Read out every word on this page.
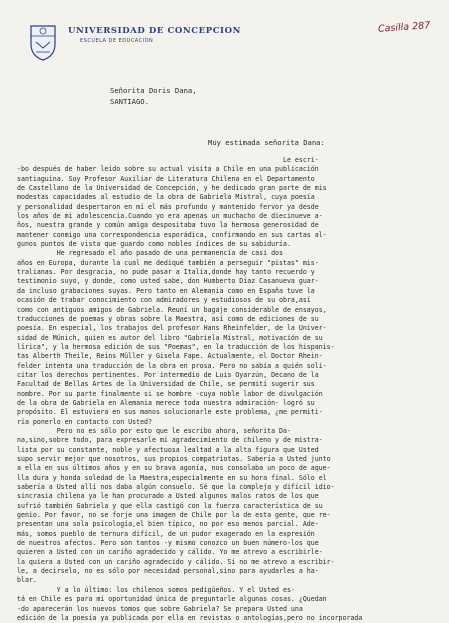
UNIVERSIDAD DE CONCEPCION
ESCUELA DE EDUCACION
Casilla 287
Señorita Doris Dana,
SANTIAGO.
Muy estimada señorita Dana:
Le escri-
-bo después de haber leído sobre su actual visita a Chile en una publicación
santiaguina. Soy Profesor Auxiliar de Literatura Chilena en el Departamento
de Castellano de la Universidad de Concepción, y he dedicado gran parte de mis
modestas capacidades al estudio de la obra de Gabriela Mistral, cuya poesía
y personalidad despertaron en mí el más profundo y mantenido fervor ya desde
los años de mi adolescencia.Cuando yo era apenas un muchacho de diecinueve a-
ños, nuestra grande y común amiga despositaba tuvo la hermosa generosidad de
mantener conmigo una correspondencia esporádica, confirmando en sus cartas al-
gunos puntos de vista que guardo como nobles índices de su sabiduría.
He regresado el año pasado de una permanencia de casi dos
años en Europa, durante la cual me dediqué también a perseguir "pistas" mis-
tralianas. Por desgracia, no pude pasar a Italia,donde hay tanto recuerdo y
testimonio suyo, y donde, como usted sabe, don Humberto Díaz Casanueva guar-
da incluso grabaciones suyas. Pero tanto en Alemania como en España tuve la
ocasión de trabar conocimiento con admiradores y estudiosos de su obra,así
como con antiguos amigos de Gabriela. Reuní un bagaje considerable de ensayos,
traducciones de poemas y obras sobre la Maestra, así como de ediciones de su
poesía. En especial, los trabajos del profesor Hans Rheinfelder, de la Univer-
sidad de Münich, quien es autor del libro "Gabriela Mistral, motivación de su
lírica", y la hermosa edición de sus "Poemas", en la traducción de los hispanis-
tas Alberth Theile, Reins Müller y Gisela Fape. Actualmente, el Doctor Rhein-
felder intenta una traducción de la obra en prosa. Pero no sabía a quién soli-
citar los derechos pertinentes. Por intermedio de Luis Oyarzún, Decano de la
Facultad de Bellas Artes de la Universidad de Chile, se permití sugerir sus
nombre. Por su parte finalmente si se hombre -cuya noble labor de divulgación
de la obra de Gabriela en Alemania merece toda nuestra admiración- logró su
propósito. El estuviera en sus manos solucionarle este problema, ¿me permiti-
ría ponerlo en contacto con Usted?
Pero no es sólo por esto que le escribo ahora, señorita Da-
na,sino,sobre todo, para expresarle mi agradecimiento de chileno y de mistra-
lista por su constante, noble y afectuosa lealtad a la alta figura que Usted
supo servir mejor que nosotros, sus propios compatriotas. Sabería a Usted junto
a ella en sus últimos años y en su brava agonía, nos consolaba un poco de aque-
lla dura y honda soledad de la Maestra,especialmente en su hora final. Sólo el
sabería a Usted allí nos daba algún consuelo. Sé que la compleja y difícil idio-
sincrasia chilena ya le han procurado a Usted algunos malos ratos de los que
sufrió también Gabriela y que ella castigó con la fuerza característica de su
genio. Por favor, no se forje una imagen de Chile por la de esta gente, que re-
presentan una sola psicología,el bien típico, no por eso menos parcial. Ade-
más, somos pueblo de ternura difícil, de un pudor exagerado en la expresión
de nuestros afectos. Pero son tantos -y mismo conozco un buen número-los que
quieren a Usted con un cariño agradecido y cálido. Yo me atrevo a escribirle-
la quiera a Usted con un cariño agradecido y cálido. Si no me atrevo a escribir-
le, a decirselo, no es sólo por necesidad personal,sino para ayudarles a ha-
blar.
Y a lo último: los chilenos somos pedigüeños. Y el Usted es-
tá en Chile es para mí oportunidad única de preguntarle algunas cosas. ¿Quedan
-do aparecerán los nuevos tomos que sobre Gabriela? Se prepara Usted una
edición de la poesía ya publicada por ella en revistas o antologías,pero no incorporada
